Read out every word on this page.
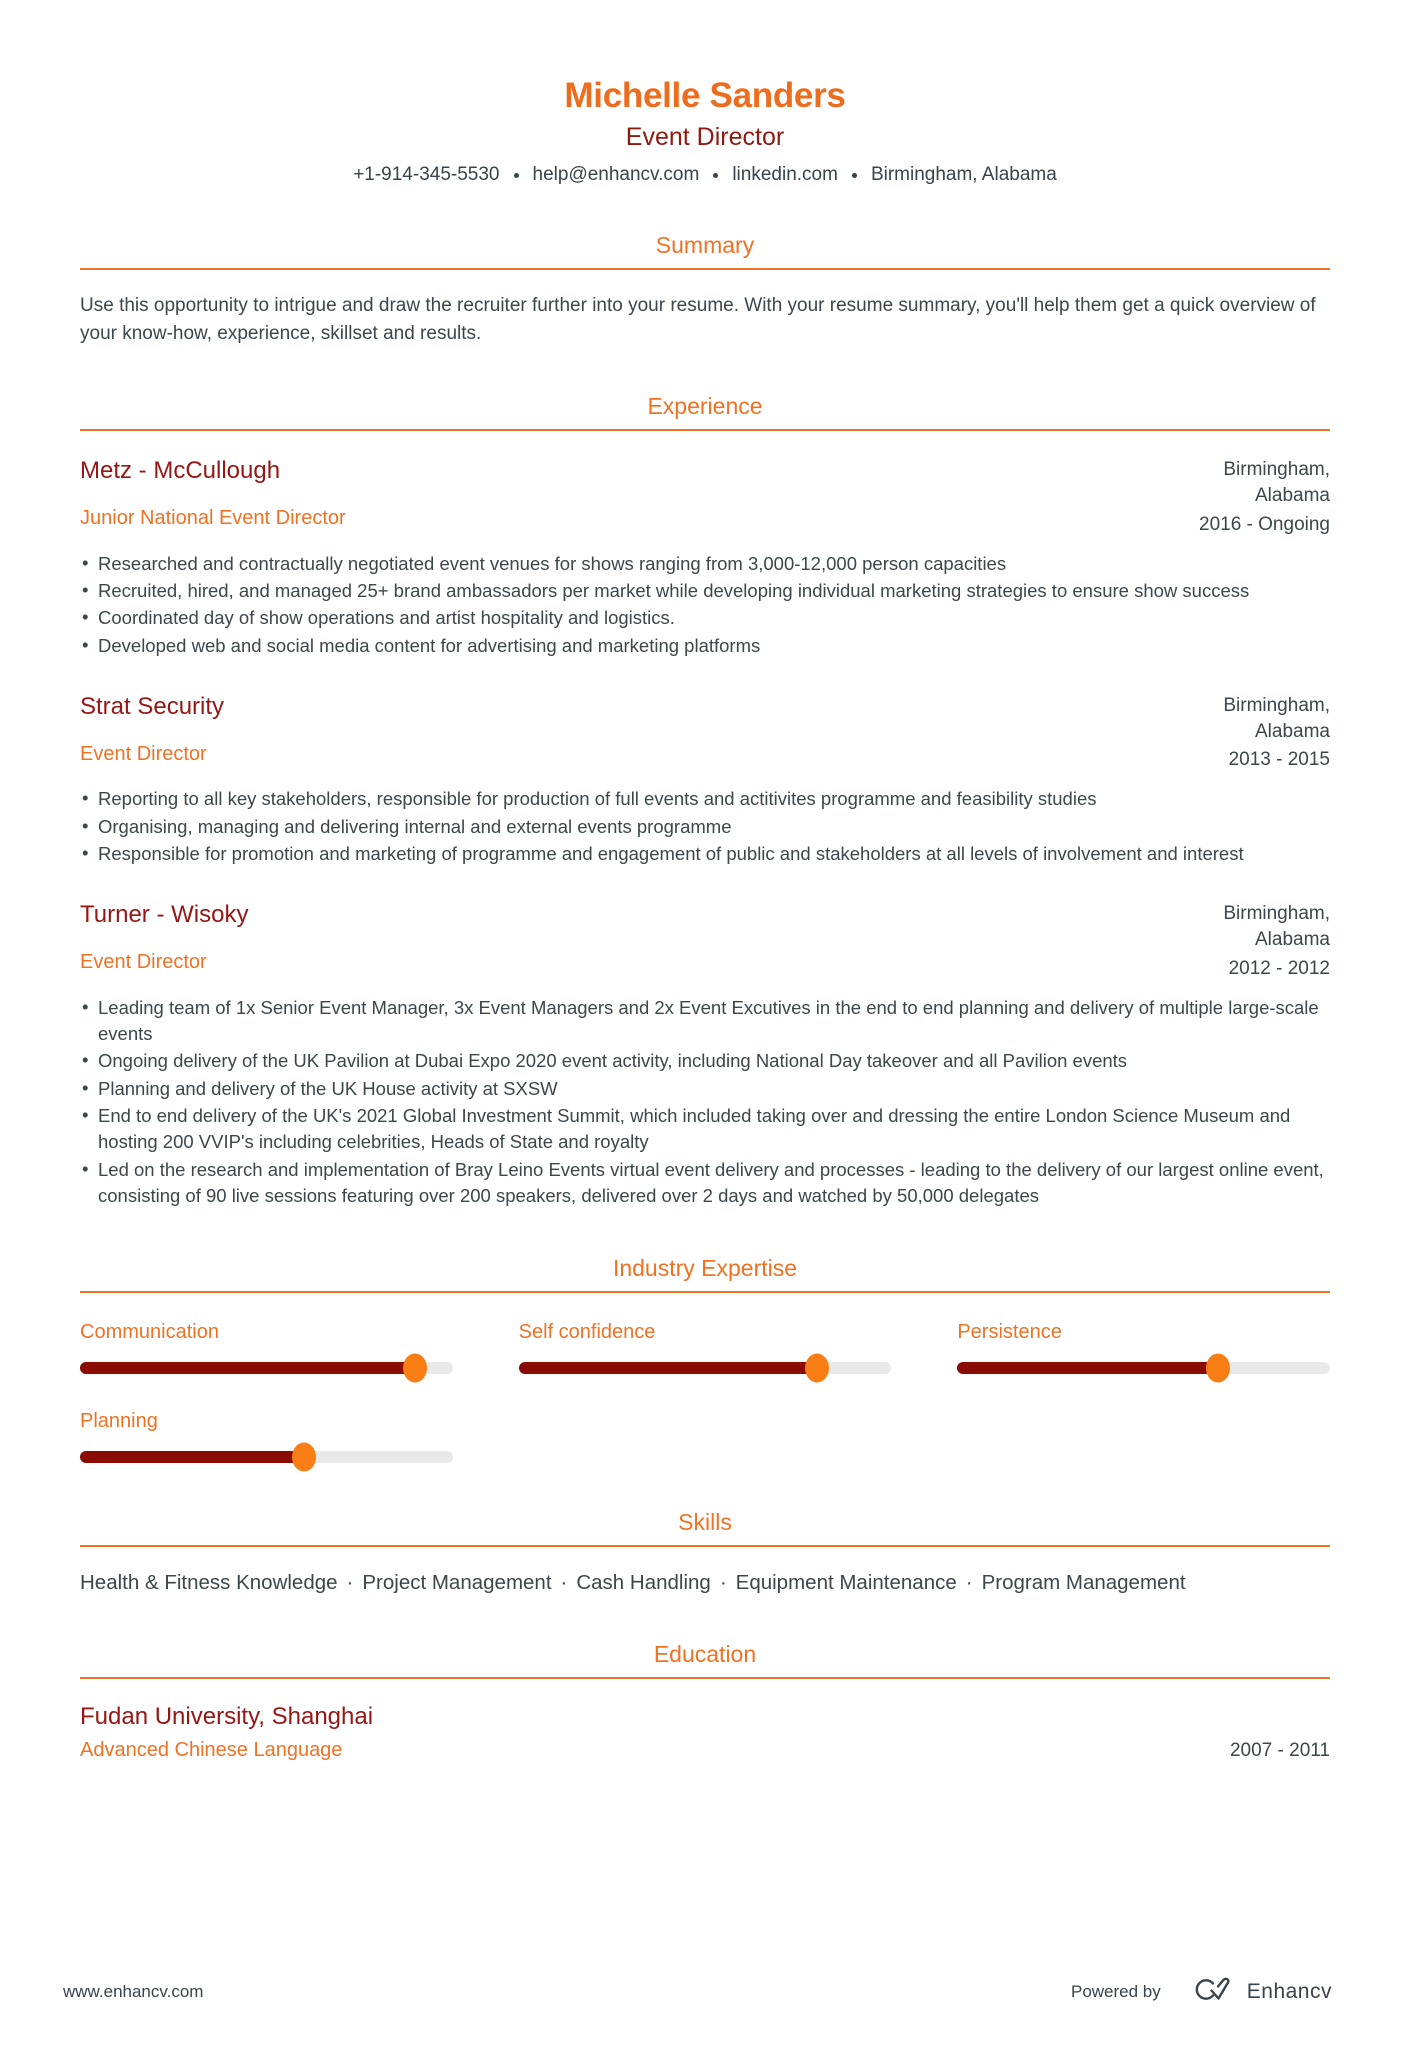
Michelle Sanders
Event Director
+1-914-345-5530 help@enhancv.com linkedin.com Birmingham, Alabama
Summary

Use this opportunity to intrigue and draw the recruiter further into your resume. With your resume summary, you'll help them get a quick overview of your know-how, experience, skillset and results.

Experience
Metz - McCullough
Junior National Event Director
Birmingham, Alabama
2016 - Ongoing
• Researched and contractually negotiated event venues for shows ranging from 3,000-12,000 person capacities
• Recruited, hired, and managed 25+ brand ambassadors per market while developing individual marketing strategies to ensure show success
• Coordinated day of show operations and artist hospitality and logistics.
• Developed web and social media content for advertising and marketing platforms
Strat Security
Event Director
Birmingham, Alabama
2013 - 2015
• Reporting to all key stakeholders, responsible for production of full events and actitivites programme and feasibility studies
• Organising, managing and delivering internal and external events programme
• Responsible for promotion and marketing of programme and engagement of public and stakeholders at all levels of involvement and interest
Turner - Wisoky
Event Director
Birmingham, Alabama
2012 - 2012
• Leading team of 1x Senior Event Manager, 3x Event Managers and 2x Event Excutives in the end to end planning and delivery of multiple large-scale events
• Ongoing delivery of the UK Pavilion at Dubai Expo 2020 event activity, including National Day takeover and all Pavilion events
• Planning and delivery of the UK House activity at SXSW
• End to end delivery of the UK's 2021 Global Investment Summit, which included taking over and dressing the entire London Science Museum and hosting 200 VVIP's including celebrities, Heads of State and royalty
• Led on the research and implementation of Bray Leino Events virtual event delivery and processes - leading to the delivery of our largest online event, consisting of 90 live sessions featuring over 200 speakers, delivered over 2 days and watched by 50,000 delegates
Industry Expertise
Communication	Self confidence	Persistence
Planning
Skills
Health & Fitness Knowledge · Project Management · Cash Handling · Equipment Maintenance · Program Management
Education
Fudan University, Shanghai
Advanced Chinese Language	2007 - 2011
www.enhancv.com	Powered by	Enhancv
